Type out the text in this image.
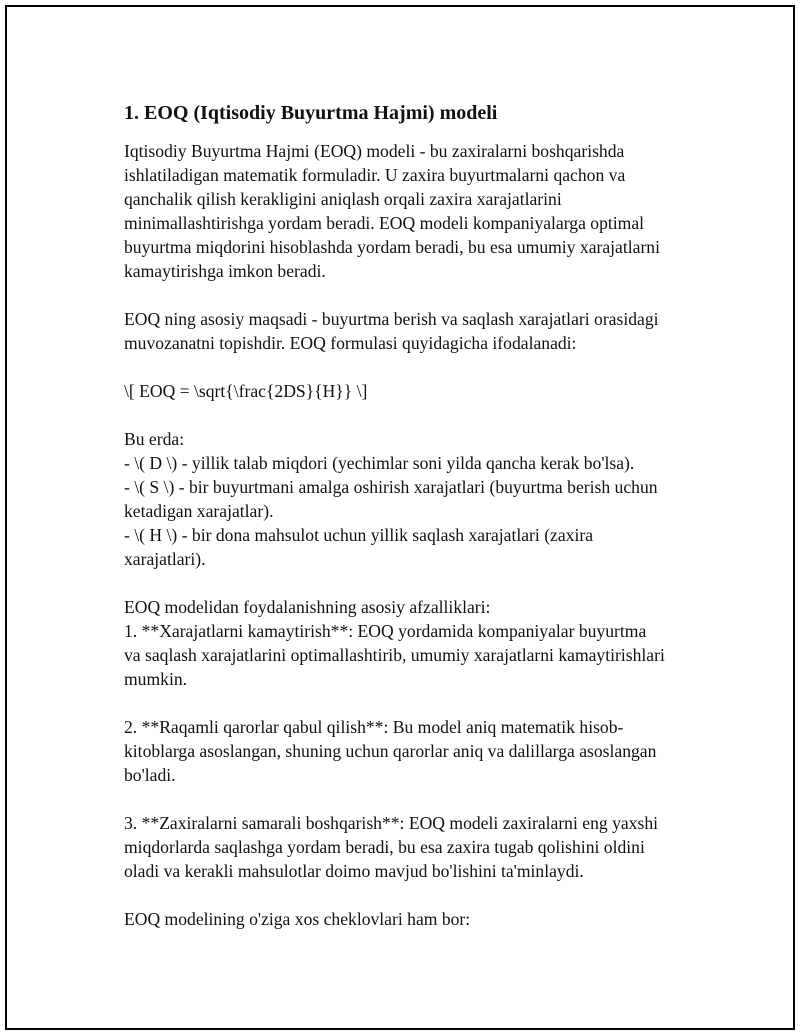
1. EOQ (Iqtisodiy Buyurtma Hajmi) modeli
Iqtisodiy Buyurtma Hajmi (EOQ) modeli - bu zaxiralarni boshqarishda
ishlatiladigan matematik formuladir. U zaxira buyurtmalarni qachon va
qanchalik qilish kerakligini aniqlash orqali zaxira xarajatlarini
minimallashtirishga yordam beradi. EOQ modeli kompaniyalarga optimal
buyurtma miqdorini hisoblashda yordam beradi, bu esa umumiy xarajatlarni
kamaytirishga imkon beradi.
EOQ ning asosiy maqsadi - buyurtma berish va saqlash xarajatlari orasidagi
muvozanatni topishdir. EOQ formulasi quyidagicha ifodalanadi:
\[ EOQ = \sqrt{\frac{2DS}{H}} \]
Bu erda:
- \( D \) - yillik talab miqdori (yechimlar soni yilda qancha kerak bo'lsa).
- \( S \) - bir buyurtmani amalga oshirish xarajatlari (buyurtma berish uchun
ketadigan xarajatlar).
- \( H \) - bir dona mahsulot uchun yillik saqlash xarajatlari (zaxira
xarajatlari).
EOQ modelidan foydalanishning asosiy afzalliklari:
1. **Xarajatlarni kamaytirish**: EOQ yordamida kompaniyalar buyurtma
va saqlash xarajatlarini optimallashtirib, umumiy xarajatlarni kamaytirishlari
mumkin.
2. **Raqamli qarorlar qabul qilish**: Bu model aniq matematik hisob-
kitoblarga asoslangan, shuning uchun qarorlar aniq va dalillarga asoslangan
bo'ladi.
3. **Zaxiralarni samarali boshqarish**: EOQ modeli zaxiralarni eng yaxshi
miqdorlarda saqlashga yordam beradi, bu esa zaxira tugab qolishini oldini
oladi va kerakli mahsulotlar doimo mavjud bo'lishini ta'minlaydi.
EOQ modelining o'ziga xos cheklovlari ham bor:
